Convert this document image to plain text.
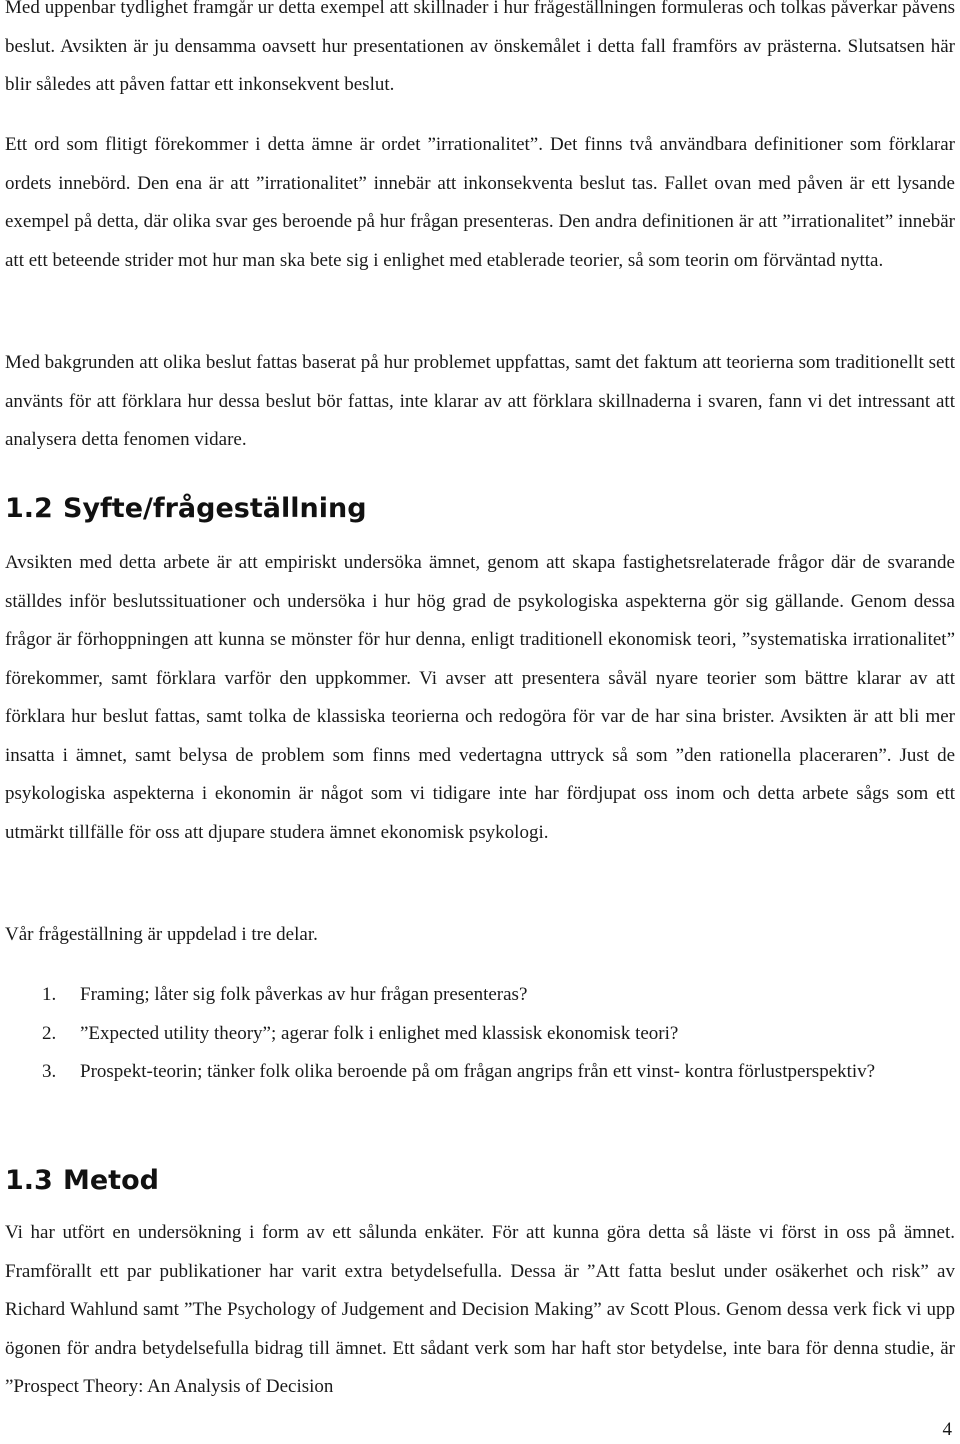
Med uppenbar tydlighet framgår ur detta exempel att skillnader i hur frågeställningen formuleras och tolkas påverkar påvens beslut. Avsikten är ju densamma oavsett hur presentationen av önskemålet i detta fall framförs av prästerna. Slutsatsen här blir således att påven fattar ett inkonsekvent beslut.

Ett ord som flitigt förekommer i detta ämne är ordet ”irrationalitet”. Det finns två användbara definitioner som förklarar ordets innebörd. Den ena är att ”irrationalitet” innebär att inkonsekventa beslut tas. Fallet ovan med påven är ett lysande exempel på detta, där olika svar ges beroende på hur frågan presenteras. Den andra definitionen är att ”irrationalitet” innebär att ett beteende strider mot hur man ska bete sig i enlighet med etablerade teorier, så som teorin om förväntad nytta.

Med bakgrunden att olika beslut fattas baserat på hur problemet uppfattas, samt det faktum att teorierna som traditionellt sett använts för att förklara hur dessa beslut bör fattas, inte klarar av att förklara skillnaderna i svaren, fann vi det intressant att analysera detta fenomen vidare.

1.2 Syfte/frågeställning

Avsikten med detta arbete är att empiriskt undersöka ämnet, genom att skapa fastighetsrelaterade frågor där de svarande ställdes inför beslutssituationer och undersöka i hur hög grad de psykologiska aspekterna gör sig gällande. Genom dessa frågor är förhoppningen att kunna se mönster för hur denna, enligt traditionell ekonomisk teori, ”systematiska irrationalitet” förekommer, samt förklara varför den uppkommer. Vi avser att presentera såväl nyare teorier som bättre klarar av att förklara hur beslut fattas, samt tolka de klassiska teorierna och redogöra för var de har sina brister. Avsikten är att bli mer insatta i ämnet, samt belysa de problem som finns med vedertagna uttryck så som ”den rationella placeraren”. Just de psykologiska aspekterna i ekonomin är något som vi tidigare inte har fördjupat oss inom och detta arbete sågs som ett utmärkt tillfälle för oss att djupare studera ämnet ekonomisk psykologi.

Vår frågeställning är uppdelad i tre delar.

1. Framing; låter sig folk påverkas av hur frågan presenteras?
2. ”Expected utility theory”; agerar folk i enlighet med klassisk ekonomisk teori?
3. Prospekt-teorin; tänker folk olika beroende på om frågan angrips från ett vinst- kontra förlustperspektiv?
1.3 Metod

Vi har utfört en undersökning i form av ett sålunda enkäter. För att kunna göra detta så läste vi först in oss på ämnet. Framförallt ett par publikationer har varit extra betydelsefulla. Dessa är ”Att fatta beslut under osäkerhet och risk” av Richard Wahlund samt ”The Psychology of Judgement and Decision Making” av Scott Plous. Genom dessa verk fick vi upp ögonen för andra betydelsefulla bidrag till ämnet. Ett sådant verk som har haft stor betydelse, inte bara för denna studie, är ”Prospect Theory: An Analysis of Decision

4
